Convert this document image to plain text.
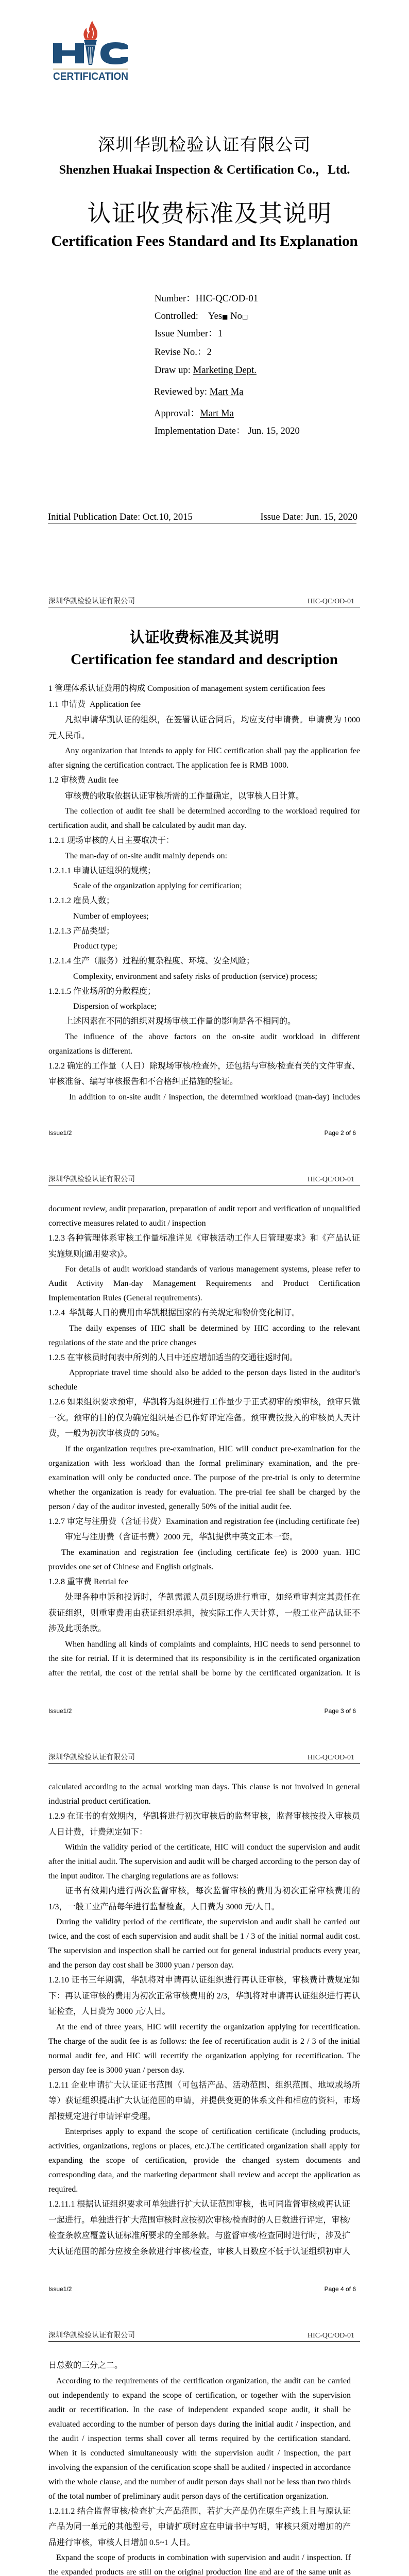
CERTIFICATION
深圳华凯检验认证有限公司
Shenzhen Huakai Inspection & Certification Co.，Ltd.
认证收费标准及其说明
Certification Fees Standard and Its Explanation
Number：HIC-QC/OD-01
Controlled: Yes■ No□
Issue Number：1
Revise No.：2
Draw up: Marketing Dept.
Reviewed by: Mart Ma
Approval：Mart Ma
Implementation Date： Jun. 15, 2020
Initial Publication Date: Oct.10, 2015	Issue Date: Jun. 15, 2020
深圳华凯检验认证有限公司	HIC-QC/OD-01
认证收费标准及其说明
Certification fee standard and description

1 管理体系认证费用的构成 Composition of management system certification fees

1.1 申请费  Application fee

凡拟申请华凯认证的组织，在签署认证合同后，均应支付申请费。申请费为 1000 元人民币。

Any organization that intends to apply for HIC certification shall pay the application fee after signing the certification contract. The application fee is RMB 1000.

1.2 审核费 Audit fee

审核费的收取依据认证审核所需的工作量确定，以审核人日计算。

The collection of audit fee shall be determined according to the workload required for certification audit, and shall be calculated by audit man day.

1.2.1 现场审核的人日主要取决于：

The man-day of on-site audit mainly depends on:

1.2.1.1 申请认证组织的规模；

Scale of the organization applying for certification;

1.2.1.2 雇员人数；

Number of employees;

1.2.1.3 产品类型；

Product type;

1.2.1.4 生产（服务）过程的复杂程度、环境、安全风险；

Complexity, environment and safety risks of production (service) process;

1.2.1.5 作业场所的分散程度；

Dispersion of workplace;

上述因素在不同的组织对现场审核工作量的影响是各不相同的。

The influence of the above factors on the on-site audit workload in different organizations is different.

1.2.2 确定的工作量（人日）除现场审核/检查外，还包括与审核/检查有关的文件审查、审核准备、编写审核报告和不合格纠正措施的验证。

In addition to on-site audit / inspection, the determined workload (man-day) includes

Issue1/2	Page 2 of 6
深圳华凯检验认证有限公司	HIC-QC/OD-01

document review, audit preparation, preparation of audit report and verification of unqualified corrective measures related to audit / inspection

1.2.3 各种管理体系审核工作量标准详见《审核活动工作人日管理要求》和《产品认证实施规则(通用要求)》。

For details of audit workload standards of various management systems, please refer to Audit Activity Man-day Management Requirements and Product Certification Implementation Rules (General requirements).

1.2.4  华凯每人日的费用由华凯根据国家的有关规定和物价变化制订。

The daily expenses of HIC shall be determined by HIC according to the relevant regulations of the state and the price changes

1.2.5 在审核员时间表中所列的人日中还应增加适当的交通往返时间。

Appropriate travel time should also be added to the person days listed in the auditor's schedule

1.2.6 如果组织要求预审，华凯将为组织进行工作量少于正式初审的预审核，预审只做一次。预审的目的仅为确定组织是否已作好评定准备。预审费按投入的审核员人天计费，一般为初次审核费的 50%。

If the organization requires pre-examination, HIC will conduct pre-examination for the organization with less workload than the formal preliminary examination, and the pre-examination will only be conducted once. The purpose of the pre-trial is only to determine whether the organization is ready for evaluation. The pre-trial fee shall be charged by the person / day of the auditor invested, generally 50% of the initial audit fee.

1.2.7 审定与注册费（含证书费）Examination and registration fee (including certificate fee)

审定与注册费（含证书费）2000 元，华凯提供中英文正本一套。

The examination and registration fee (including certificate fee) is 2000 yuan. HIC provides one set of Chinese and English originals.

1.2.8 重审费 Retrial fee

处理各种申诉和投诉时，华凯需派人员到现场进行重审，如经重审判定其责任在获证组织，则重审费用由获证组织承担，按实际工作人天计算，一般工业产品认证不涉及此项条款。

When handling all kinds of complaints and complaints, HIC needs to send personnel to the site for retrial. If it is determined that its responsibility is in the certificated organization after the retrial, the cost of the retrial shall be borne by the certificated organization. It is

Issue1/2	Page 3 of 6
深圳华凯检验认证有限公司	HIC-QC/OD-01

calculated according to the actual working man days. This clause is not involved in general industrial product certification.

1.2.9 在证书的有效期内，华凯将进行初次审核后的监督审核，监督审核按投入审核员人日计费，计费规定如下：

Within the validity period of the certificate, HIC will conduct the supervision and audit after the initial audit. The supervision and audit will be charged according to the person day of the input auditor. The charging regulations are as follows:

证书有效期内进行两次监督审核，每次监督审核的费用为初次正常审核费用的 1/3，一般工业产品每年进行监督检查，人日费为 3000 元/人日。

During the validity period of the certificate, the supervision and audit shall be carried out twice, and the cost of each supervision and audit shall be 1 / 3 of the initial normal audit cost. The supervision and inspection shall be carried out for general industrial products every year, and the person day cost shall be 3000 yuan / person day.

1.2.10 证书三年期满，华凯将对申请再认证组织进行再认证审核，审核费计费规定如下：再认证审核的费用为初次正常审核费用的 2/3，华凯将对申请再认证组织进行再认证检查，人日费为 3000 元/人日。

At the end of three years, HIC will recertify the organization applying for recertification. The charge of the audit fee is as follows: the fee of recertification audit is 2 / 3 of the initial normal audit fee, and HIC will recertify the organization applying for recertification. The person day fee is 3000 yuan / person day.

1.2.11 企业申请扩大认证证书范围（可包括产品、活动范围、组织范围、地域或场所等）获证组织提出扩大认证范围的申请，并提供变更的体系文件和相应的资料，市场部按规定进行申请评审受理。

Enterprises apply to expand the scope of certification certificate (including products, activities, organizations, regions or places, etc.).The certificated organization shall apply for expanding the scope of certification, provide the changed system documents and corresponding data, and the marketing department shall review and accept the application as required.

1.2.11.1 根据认证组织要求可单独进行扩大认证范围审核，也可同监督审核或再认证一起进行。单独进行扩大范围审核时应按初次审核/检查时的人日数进行评定，审核/检查条款应覆盖认证标准所要求的全部条款。与监督审核/检查同时进行时，涉及扩大认证范围的部分应按全条款进行审核/检查，审核人日数应不低于认证组织初审人

Issue1/2	Page 4 of 6
深圳华凯检验认证有限公司	HIC-QC/OD-01

日总数的三分之二。

According to the requirements of the certification organization, the audit can be carried out independently to expand the scope of certification, or together with the supervision audit or recertification. In the case of independent expanded scope audit, it shall be evaluated according to the number of person days during the initial audit / inspection, and the audit / inspection terms shall cover all terms required by the certification standard. When it is conducted simultaneously with the supervision audit / inspection, the part involving the expansion of the certification scope shall be audited / inspected in accordance with the whole clause, and the number of audit person days shall not be less than two thirds of the total number of preliminary audit person days of the certification organization.

1.2.11.2 结合监督审核/检查扩大产品范围，若扩大产品仍在原生产线上且与原认证产品为同一单元的其他型号，申请扩项时应在申请书中写明，审核只须对增加的产品进行审核，审核人日增加 0.5~1 人日。

Expand the scope of products in combination with supervision and audit / inspection. If the expanded products are still on the original production line and are of the same unit as
